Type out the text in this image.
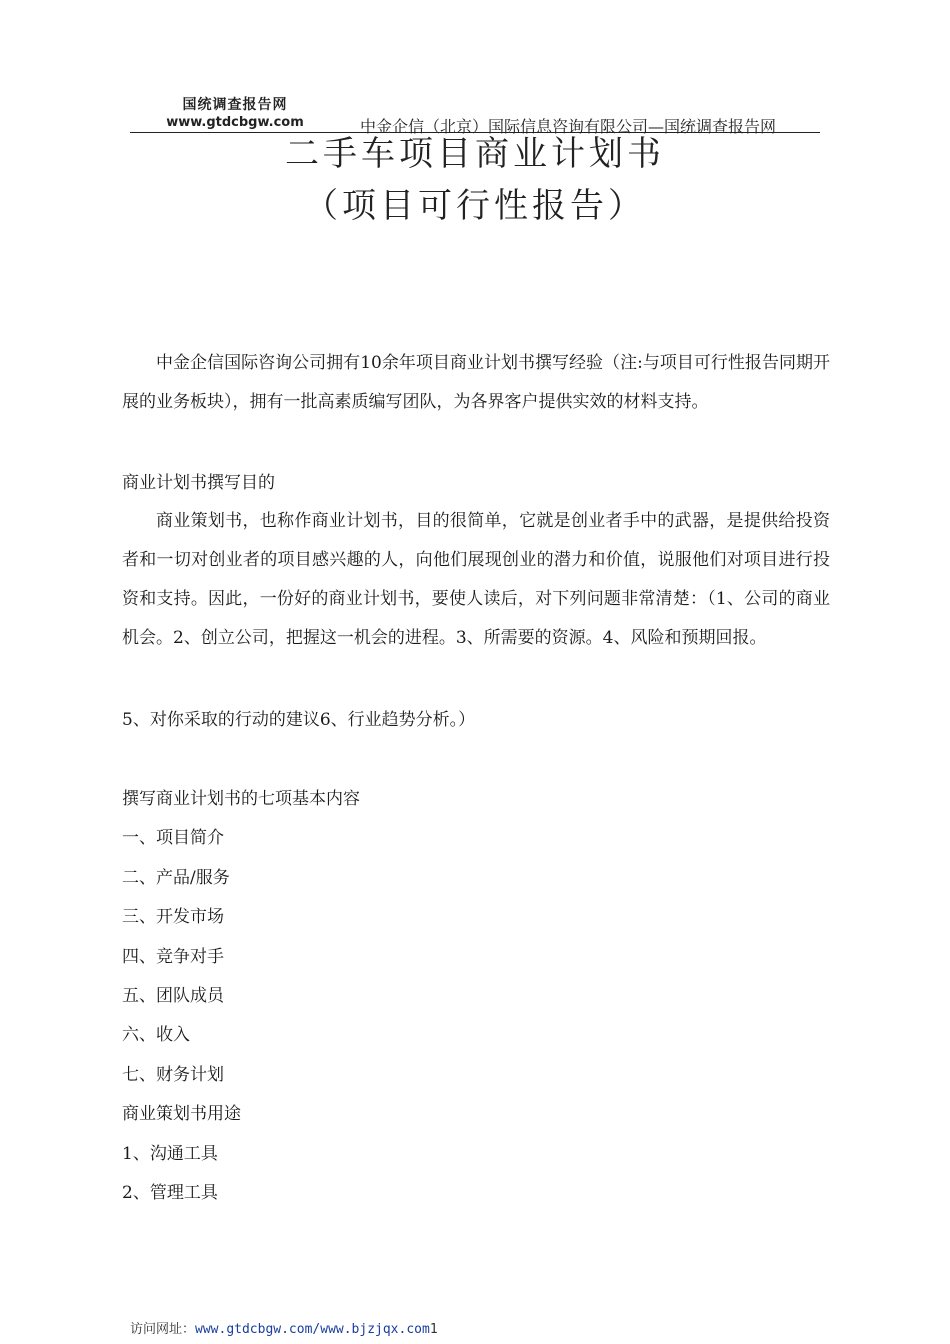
国统调查报告网
www.gtdcbgw.com	中金企信（北京）国际信息咨询有限公司—国统调查报告网
二手车项目商业计划书
（项目可行性报告）
中金企信国际咨询公司拥有10余年项目商业计划书撰写经验（注:与项目可行性报告同期开展的业务板块），拥有一批高素质编写团队，为各界客户提供实效的材料支持。
商业计划书撰写目的
商业策划书，也称作商业计划书，目的很简单，它就是创业者手中的武器，是提供给投资者和一切对创业者的项目感兴趣的人，向他们展现创业的潜力和价值，说服他们对项目进行投资和支持。因此，一份好的商业计划书，要使人读后，对下列问题非常清楚：（1、公司的商业机会。2、创立公司，把握这一机会的进程。3、所需要的资源。4、风险和预期回报。
5、对你采取的行动的建议6、行业趋势分析。）
撰写商业计划书的七项基本内容
一、项目简介
二、产品/服务
三、开发市场
四、竞争对手
五、团队成员
六、收入
七、财务计划
商业策划书用途
1、沟通工具
2、管理工具
访问网址：www.gtdcbgw.com/www.bjzjqx.com1
